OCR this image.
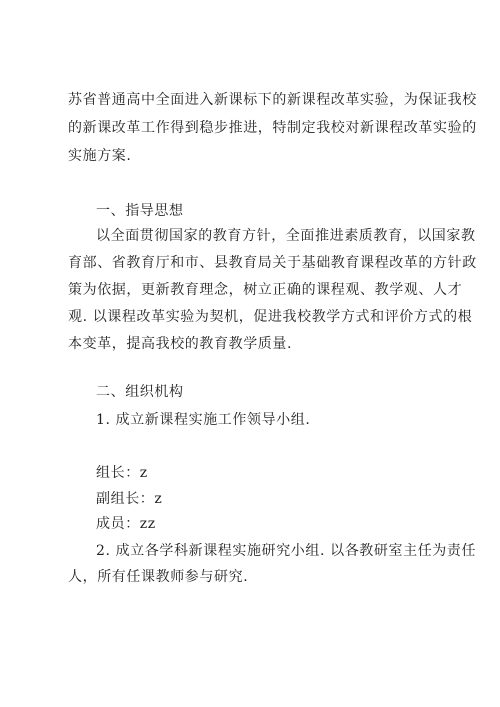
苏省普通高中全面进入新课标下的新课程改革实验，为保证我校
的新课改革工作得到稳步推进，特制定我校对新课程改革实验的
实施方案.
一、指导思想
以全面贯彻国家的教育方针，全面推进素质教育，以国家教
育部、省教育厅和市、县教育局关于基础教育课程改革的方针政
策为依据，更新教育理念，树立正确的课程观、教学观、人才
观. 以课程改革实验为契机，促进我校教学方式和评价方式的根
本变革，提高我校的教育教学质量.
二、组织机构
1. 成立新课程实施工作领导小组.
组长：z
副组长：z
成员：zz
2. 成立各学科新课程实施研究小组. 以各教研室主任为责任
人，所有任课教师参与研究.
